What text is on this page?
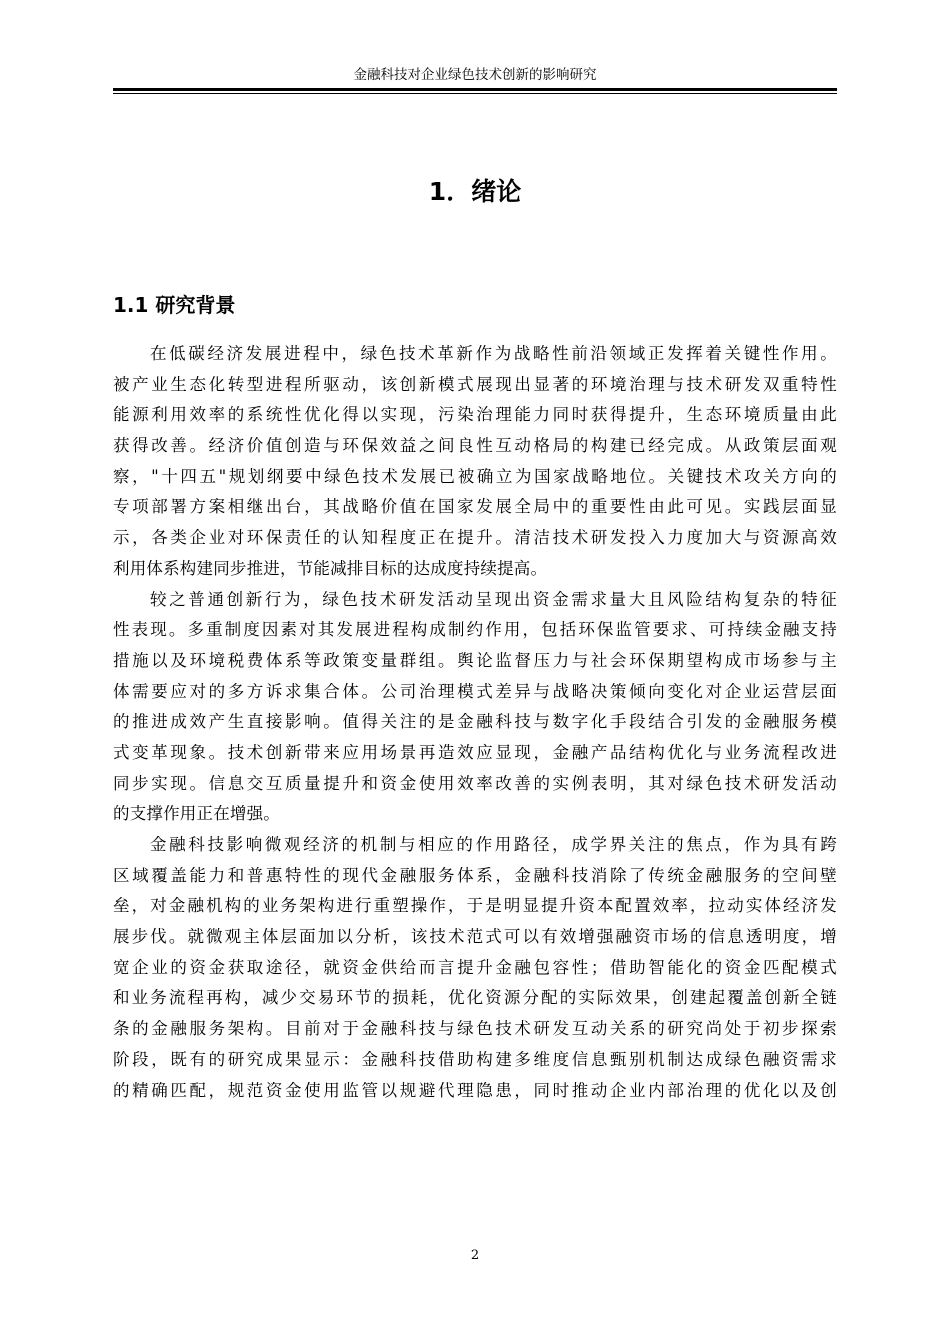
金融科技对企业绿色技术创新的影响研究
1．绪论
1.1 研究背景
在低碳经济发展进程中，绿色技术革新作为战略性前沿领域正发挥着关键性作用。
被产业生态化转型进程所驱动，该创新模式展现出显著的环境治理与技术研发双重特性
能源利用效率的系统性优化得以实现，污染治理能力同时获得提升，生态环境质量由此
获得改善。经济价值创造与环保效益之间良性互动格局的构建已经完成。从政策层面观
察，"十四五"规划纲要中绿色技术发展已被确立为国家战略地位。关键技术攻关方向的
专项部署方案相继出台，其战略价值在国家发展全局中的重要性由此可见。实践层面显
示，各类企业对环保责任的认知程度正在提升。清洁技术研发投入力度加大与资源高效
利用体系构建同步推进，节能减排目标的达成度持续提高。
较之普通创新行为，绿色技术研发活动呈现出资金需求量大且风险结构复杂的特征
性表现。多重制度因素对其发展进程构成制约作用，包括环保监管要求、可持续金融支持
措施以及环境税费体系等政策变量群组。舆论监督压力与社会环保期望构成市场参与主
体需要应对的多方诉求集合体。公司治理模式差异与战略决策倾向变化对企业运营层面
的推进成效产生直接影响。值得关注的是金融科技与数字化手段结合引发的金融服务模
式变革现象。技术创新带来应用场景再造效应显现，金融产品结构优化与业务流程改进
同步实现。信息交互质量提升和资金使用效率改善的实例表明，其对绿色技术研发活动
的支撑作用正在增强。
金融科技影响微观经济的机制与相应的作用路径，成学界关注的焦点，作为具有跨
区域覆盖能力和普惠特性的现代金融服务体系，金融科技消除了传统金融服务的空间壁
垒，对金融机构的业务架构进行重塑操作，于是明显提升资本配置效率，拉动实体经济发
展步伐。就微观主体层面加以分析，该技术范式可以有效增强融资市场的信息透明度，增
宽企业的资金获取途径，就资金供给而言提升金融包容性；借助智能化的资金匹配模式
和业务流程再构，减少交易环节的损耗，优化资源分配的实际效果，创建起覆盖创新全链
条的金融服务架构。目前对于金融科技与绿色技术研发互动关系的研究尚处于初步探索
阶段，既有的研究成果显示：金融科技借助构建多维度信息甄别机制达成绿色融资需求
的精确匹配，规范资金使用监管以规避代理隐患，同时推动企业内部治理的优化以及创
2
